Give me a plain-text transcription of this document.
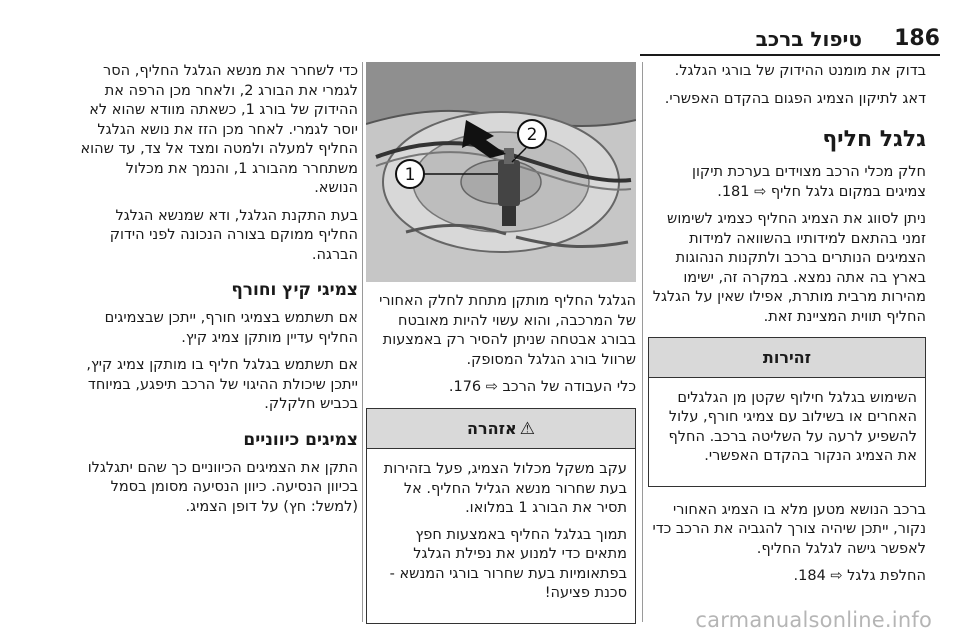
186
טיפול ברכב

בדוק את מומנט ההידוק של בורגי הגלגל.

דאג לתיקון הצמיג הפגום בהקדם האפשרי.

גלגל חליף

חלק מכלי הרכב מצוידים בערכת תיקון צמיגים במקום גלגל חליף ⇨ 181.

ניתן לסווג את הצמיג החליף כצמיג לשימוש זמני בהתאם למידותיו בהשוואה למידות הצמיגים הנותרים ברכב ולתקנות הנהוגות בארץ בה אתה נמצא. במקרה זה, ישימו מהירות מרבית מותרת, אפילו שאין על הגלגל החליף תווית המציינת זאת.

זהירות

השימוש בגלגל חילוף שקטן מן הגלגלים האחרים או בשילוב עם צמיגי חורף, עלול להשפיע לרעה על השליטה ברכב. החלף את הצמיג הנקור בהקדם האפשרי.

ברכב הנושא מטען מלא בו הצמיג האחורי נקור, ייתכן שיהיה צורך להגביה את הרכב כדי לאפשר גישה לגלגל החליף.

החלפת גלגל ⇨ 184.

2
1

הגלגל החליף מותקן מתחת לחלק האחורי של המרכבה, והוא עשוי להיות מאובטח בבורג אבטחה שניתן להסיר רק באמצעות שרוול בורג הגלגל המסופק.

כלי העבודה של הרכב ⇨ 176.

⚠אזהרה

עקב משקל מכלול הצמיג, פעל בזהירות בעת שחרור מנשא הגליל החליף. אל תסיר את הבורג 1 במלואו.

תמוך בגלגל החליף באמצעות חפץ מתאים כדי למנוע את נפילת הגלגל בפתאומיות בעת שחרור בורגי המנשא - סכנת פציעה!

כדי לשחרר את מנשא הגלגל החליף, הסר לגמרי את הבורג 2, ולאחר מכן הרפה את ההידוק של בורג 1, כשאתה מוודא שהוא לא יוסר לגמרי. לאחר מכן הזז את נושא הגלגל החליף למעלה ולמטה ומצד אל צד, עד שהוא משתחרר מהבורג 1, והנמך את מכלול הנושא.

בעת התקנת הגלגל, ודא שמנשא הגלגל החליף ממוקם בצורה הנכונה לפני הידוק הברגה.

צמיגי קיץ וחורף

אם תשתמש בצמיגי חורף, ייתכן שבצמיגים החליף עדיין מותקן צמיג קיץ.

אם תשתמש בגלגל חליף בו מותקן צמיג קיץ, ייתכן שיכולת ההיגוי של הרכב תיפגע, במיוחד בכביש חלקלק.

צמיגים כיווניים

התקן את הצמיגים הכיווניים כך שהם יתגלגלו בכיוון הנסיעה. כיוון הנסיעה מסומן בסמל (למשל: חץ) על דופן הצמיג.

carmanualsonline.info
